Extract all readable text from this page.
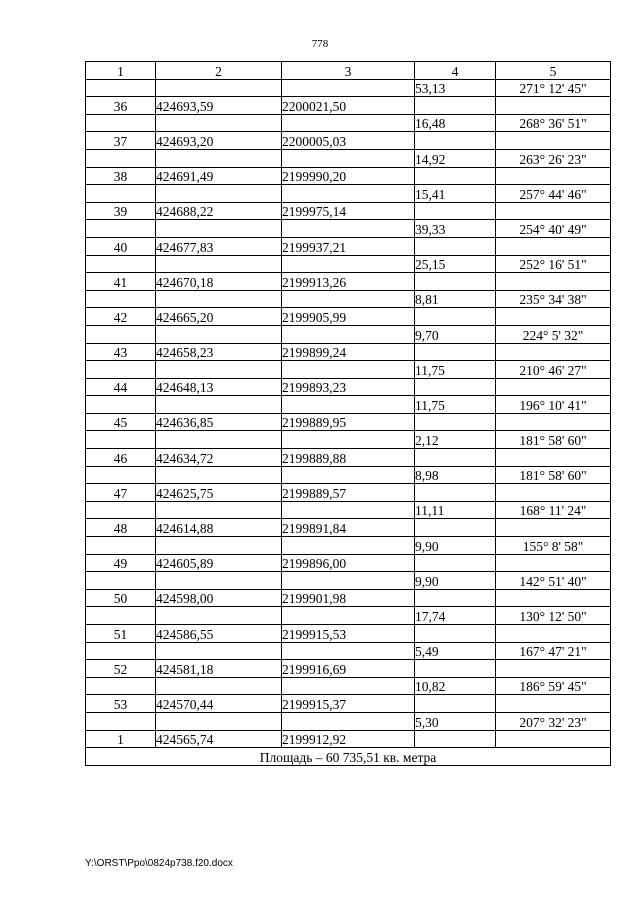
778
1	2	3	4	5
			53,13	271° 12' 45"
36	424693,59	2200021,50		
			16,48	268° 36' 51"
37	424693,20	2200005,03		
			14,92	263° 26' 23"
38	424691,49	2199990,20		
			15,41	257° 44' 46"
39	424688,22	2199975,14		
			39,33	254° 40' 49"
40	424677,83	2199937,21		
			25,15	252° 16' 51"
41	424670,18	2199913,26		
			8,81	235° 34' 38"
42	424665,20	2199905,99		
			9,70	224° 5' 32"
43	424658,23	2199899,24		
			11,75	210° 46' 27"
44	424648,13	2199893,23		
			11,75	196° 10' 41"
45	424636,85	2199889,95		
			2,12	181° 58' 60"
46	424634,72	2199889,88		
			8,98	181° 58' 60"
47	424625,75	2199889,57		
			11,11	168° 11' 24"
48	424614,88	2199891,84		
			9,90	155° 8' 58"
49	424605,89	2199896,00		
			9,90	142° 51' 40"
50	424598,00	2199901,98		
			17,74	130° 12' 50"
51	424586,55	2199915,53		
			5,49	167° 47' 21"
52	424581,18	2199916,69		
			10,82	186° 59' 45"
53	424570,44	2199915,37		
			5,30	207° 32' 23"
1	424565,74	2199912,92		
Площадь – 60 735,51 кв. метра				
Y:\ORST\Ppo\0824p738.f20.docx
